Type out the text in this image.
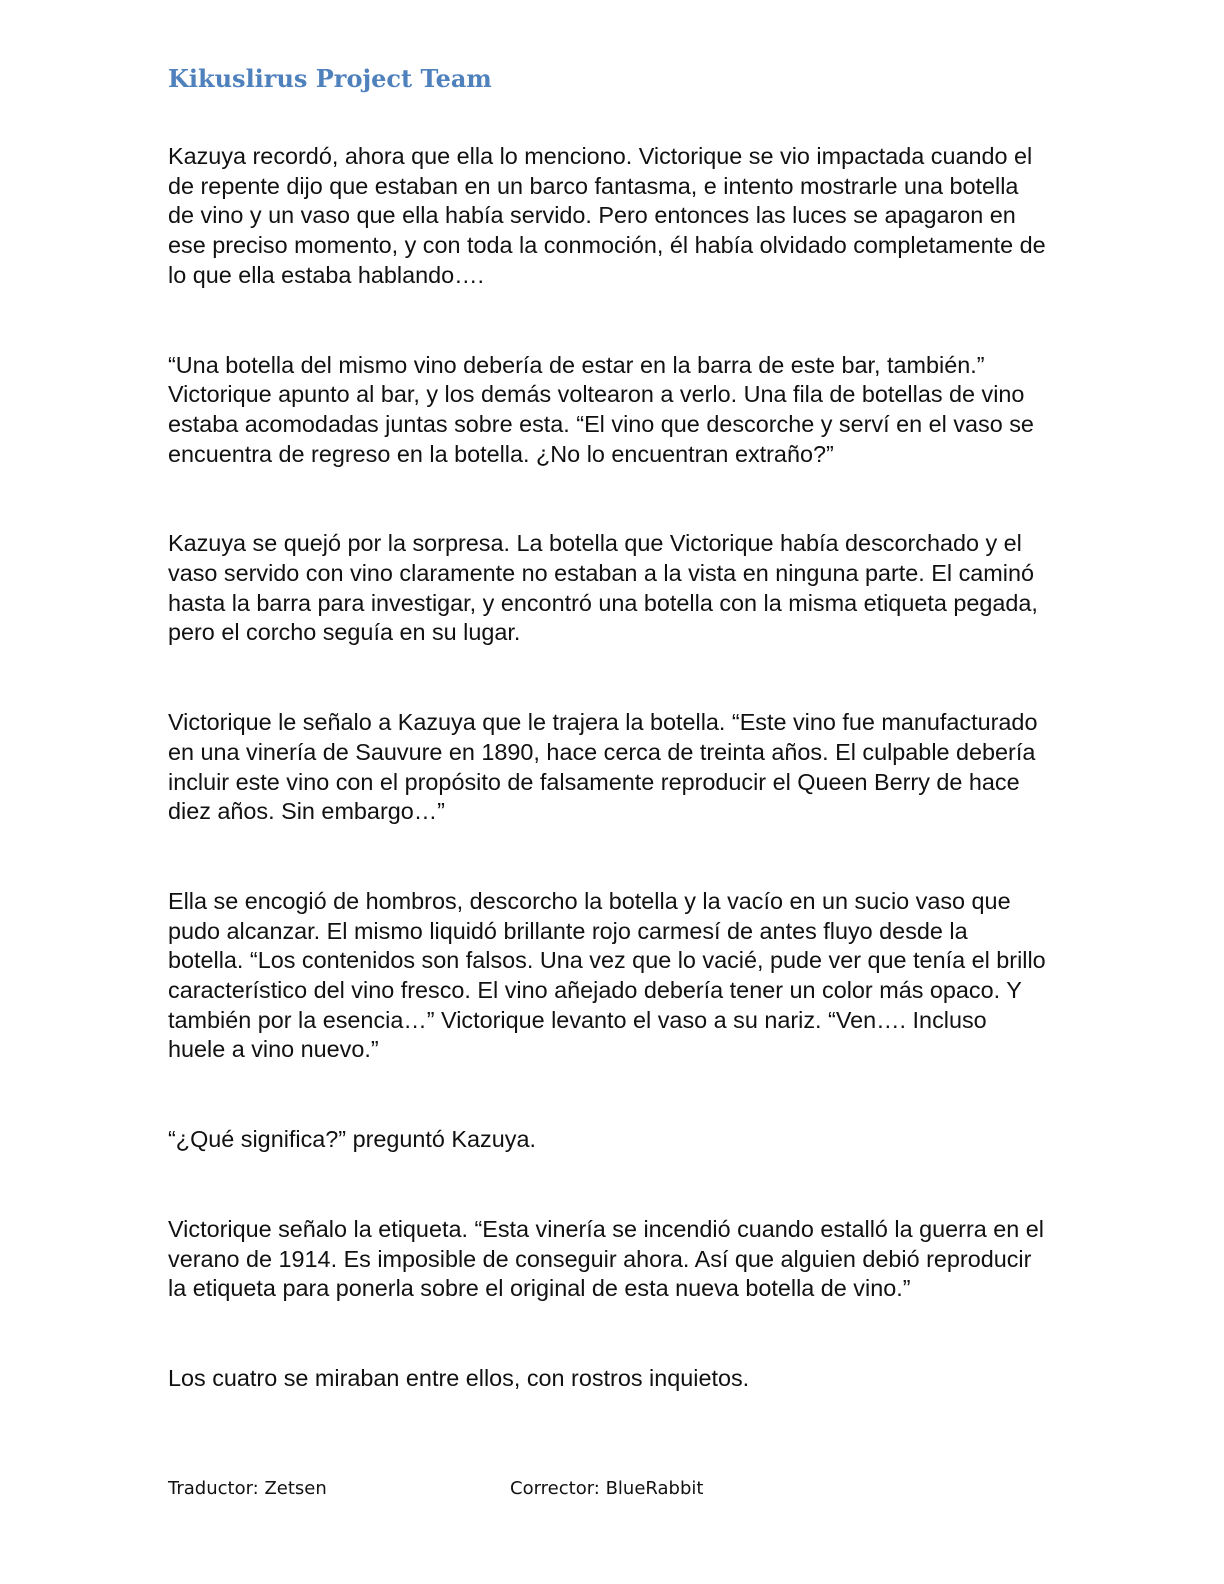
Kikuslirus Project Team

Kazuya recordó, ahora que ella lo menciono. Victorique se vio impactada cuando el de repente dijo que estaban en un barco fantasma, e intento mostrarle una botella de vino y un vaso que ella había servido. Pero entonces las luces se apagaron en ese preciso momento, y con toda la conmoción, él había olvidado completamente de lo que ella estaba hablando….

“Una botella del mismo vino debería de estar en la barra de este bar, también.” Victorique apunto al bar, y los demás voltearon a verlo. Una fila de botellas de vino estaba acomodadas juntas sobre esta. “El vino que descorche y serví en el vaso se encuentra de regreso en la botella. ¿No lo encuentran extraño?”

Kazuya se quejó por la sorpresa. La botella que Victorique había descorchado y el vaso servido con vino claramente no estaban a la vista en ninguna parte. El caminó hasta la barra para investigar, y encontró una botella con la misma etiqueta pegada, pero el corcho seguía en su lugar.

Victorique le señalo a Kazuya que le trajera la botella. “Este vino fue manufacturado en una vinería de Sauvure en 1890, hace cerca de treinta años. El culpable debería incluir este vino con el propósito de falsamente reproducir el Queen Berry de hace diez años. Sin embargo…”

Ella se encogió de hombros, descorcho la botella y la vacío en un sucio vaso que pudo alcanzar. El mismo liquidó brillante rojo carmesí de antes fluyo desde la botella. “Los contenidos son falsos. Una vez que lo vacié, pude ver que tenía el brillo característico del vino fresco. El vino añejado debería tener un color más opaco. Y también por la esencia…” Victorique levanto el vaso a su nariz. “Ven…. Incluso huele a vino nuevo.”

“¿Qué significa?” preguntó Kazuya.

Victorique señalo la etiqueta. “Esta vinería se incendió cuando estalló la guerra en el verano de 1914. Es imposible de conseguir ahora. Así que alguien debió reproducir la etiqueta para ponerla sobre el original de esta nueva botella de vino.”

Los cuatro se miraban entre ellos, con rostros inquietos.

Traductor: Zetsen	Corrector: BlueRabbit
